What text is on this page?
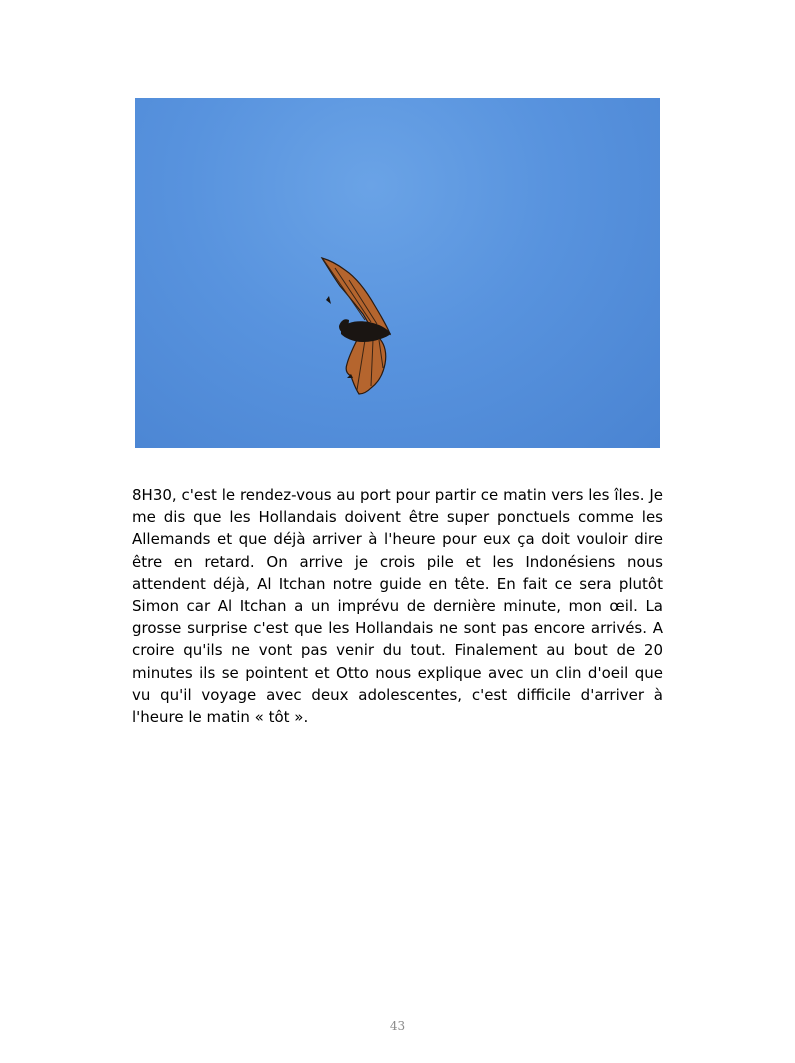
8H30, c'est le rendez-vous au port pour partir ce matin vers les îles. Je me dis que les Hollandais doivent être super ponctuels comme les Allemands et que déjà arriver à l'heure pour eux ça doit vouloir dire être en retard. On arrive je crois pile et les Indonésiens nous attendent déjà, Al Itchan notre guide en tête. En fait ce sera plutôt Simon car Al Itchan a un imprévu de dernière minute, mon œil. La grosse surprise c'est que les Hollandais ne sont pas encore arrivés. A croire qu'ils ne vont pas venir du tout. Finalement au bout de 20 minutes ils se pointent et Otto nous explique avec un clin d'oeil que vu qu'il voyage avec deux adolescentes, c'est difficile d'arriver à l'heure le matin « tôt ».

43
